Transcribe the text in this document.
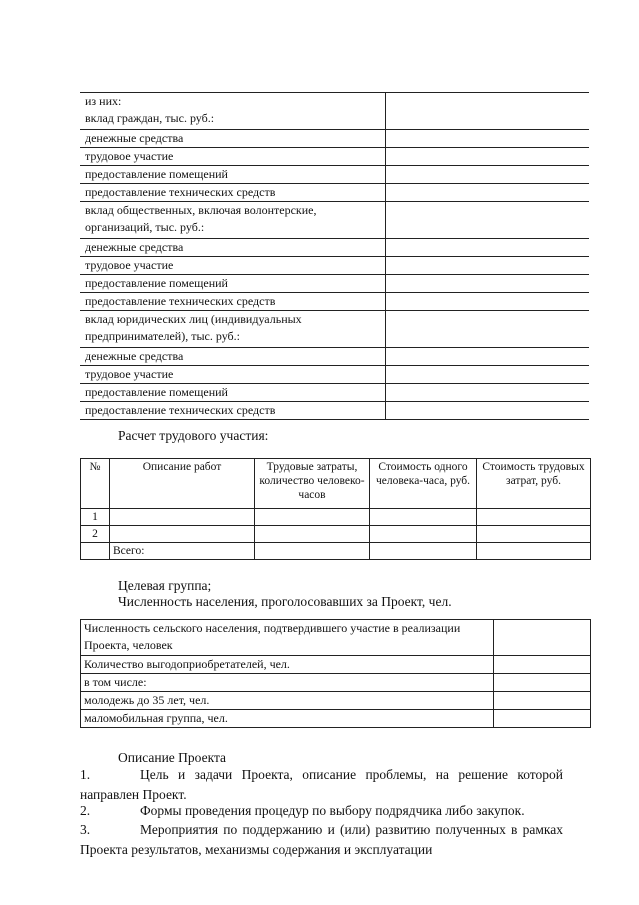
из них:
вклад граждан, тыс. руб.:
денежные средства
трудовое участие
предоставление помещений
предоставление технических средств
вклад общественных, включая волонтерские,
организаций, тыс. руб.:
денежные средства
трудовое участие
предоставление помещений
предоставление технических средств
вклад юридических лиц (индивидуальных
предпринимателей), тыс. руб.:
денежные средства
трудовое участие
предоставление помещений
предоставление технических средств
Расчет трудового участия:
№	Описание работ	Трудовые затраты, количество человеко-часов	Стоимость одного человека-часа, руб.	Стоимость трудовых затрат, руб.
1				
2				
	Всего:			
Целевая группа;
Численность населения, проголосовавших за Проект, чел.
Численность сельского населения, подтвердившего участие в реализации Проекта, человек	
Количество выгодоприобретателей, чел.	
в том числе:	
молодежь до 35 лет, чел.	
маломобильная группа, чел.	
Описание Проекта
1.	Цель и задачи Проекта, описание проблемы, на решение которой направлен Проект.
2.	Формы проведения процедур по выбору подрядчика либо закупок.
3.	Мероприятия по поддержанию и (или) развитию полученных в рамках Проекта результатов, механизмы содержания и эксплуатации
